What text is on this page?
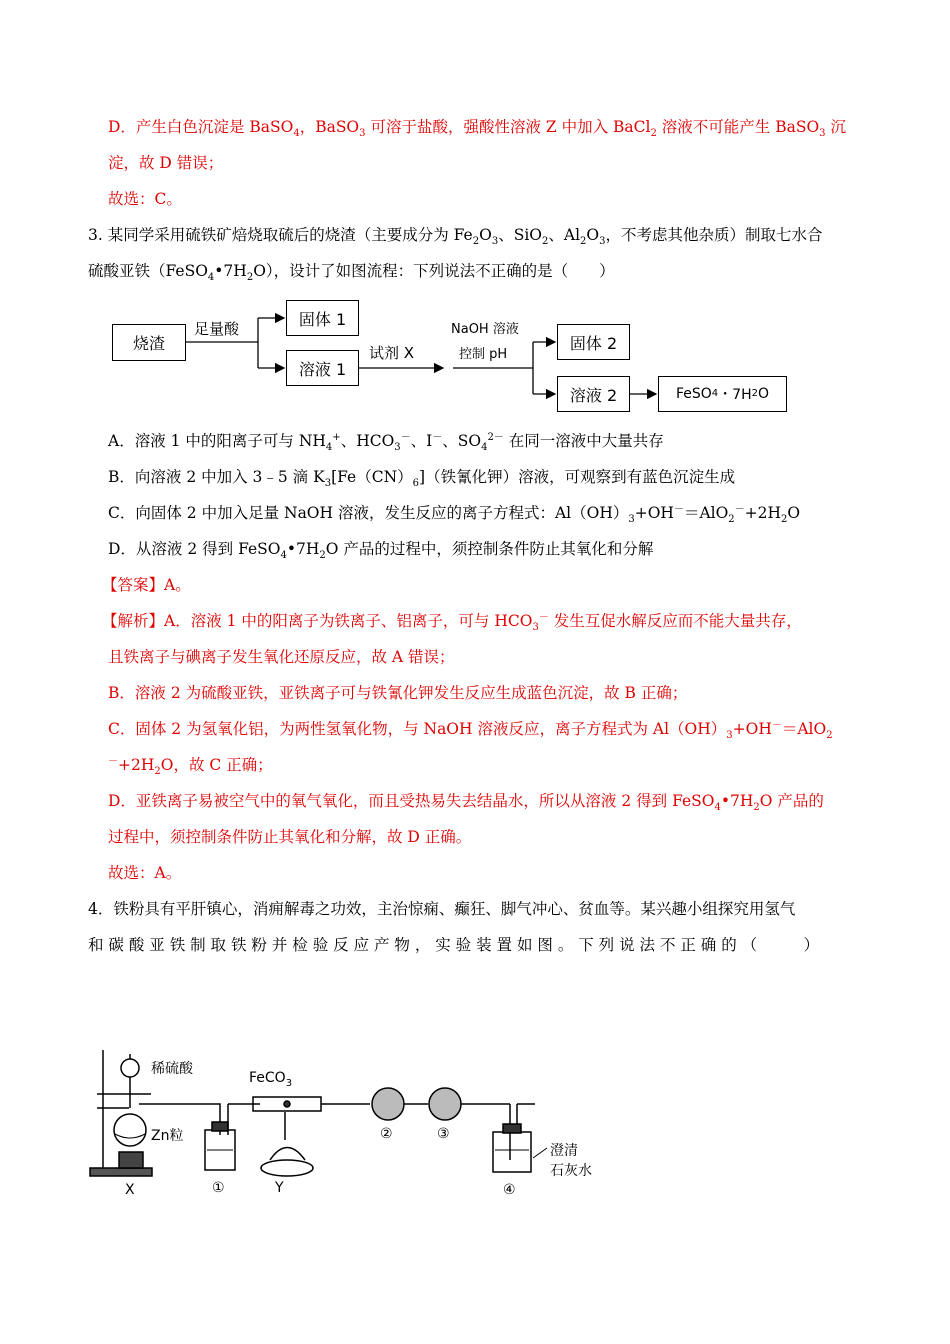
D．产生白色沉淀是 BaSO$_4$，BaSO$_3$ 可溶于盐酸，强酸性溶液 Z 中加入 BaCl$_2$ 溶液不可能产生 BaSO$_3$ 沉
淀，故 D 错误；
故选：C。
3. 某同学采用硫铁矿焙烧取硫后的烧渣（主要成分为 $Fe_2O_3$、SiO$_2$、$Al_2O_3$，不考虑其他杂质）制取七水合
硫酸亚铁$(FeSO_4•7H_2O)$，设计了如图流程：下列说法不正确的是（　　）
烧渣
足量酸
固体 1
溶液 1
试剂 X
NaOH 溶液
控制 pH
固体 2
溶液 2	FeSO 4 ・7H 2 O
A．溶液 1 中的阳离子可与 $NH_4^+$、$HCO_3^-$、I－、$SO_4^{2-}$ 在同一溶液中大量共存
B．向溶液 2 中加入 3﹣5 滴 $K_3[Fe(CN)_6]$（铁氰化钾）溶液，可观察到有蓝色沉淀生成
C．向固体 2 中加入足量 NaOH 溶液，发生反应的离子方程式：$Al(OH)_3+OH^-=AlO_2^-+2H_2O$
D．从溶液 2 得到 $FeSO_4•7H_2O$ 产品的过程中，须控制条件防止其氧化和分解
【答案】A。
【解析】A．溶液 1 中的阳离子为铁离子、铝离子，可与 $HCO_3^-$ 发生互促水解反应而不能大量共存，
且铁离子与碘离子发生氧化还原反应，故 A 错误；
B．溶液 2 为硫酸亚铁，亚铁离子可与铁氰化钾发生反应生成蓝色沉淀，故 B 正确；
C．固体 2 为氢氧化铝，为两性氢氧化物，与 NaOH 溶液反应，离子方程式为 $Al(OH)_3+OH^-=AlO_2$
$^-+2H_2O$，故 C 正确；
D．亚铁离子易被空气中的氧气氧化，而且受热易失去结晶水，所以从溶液 2 得到 $FeSO_4•7H_2O$ 产品的
过程中，须控制条件防止其氧化和分解，故 D 正确。
故选：A。
4．铁粉具有平肝镇心，消痈解毒之功效，主治惊痫、癫狂、脚气冲心、贫血等。某兴趣小组探究用氢气
和 碳 酸 亚 铁 制 取 铁 粉 并 检 验 反 应 产 物 ， 实 验 装 置 如 图 。 下 列 说 法 不 正 确 的 （　　　）
稀硫酸
Zn粒
FeCO$_3$
X	①	Y
②	③
④
澄清
石灰水
